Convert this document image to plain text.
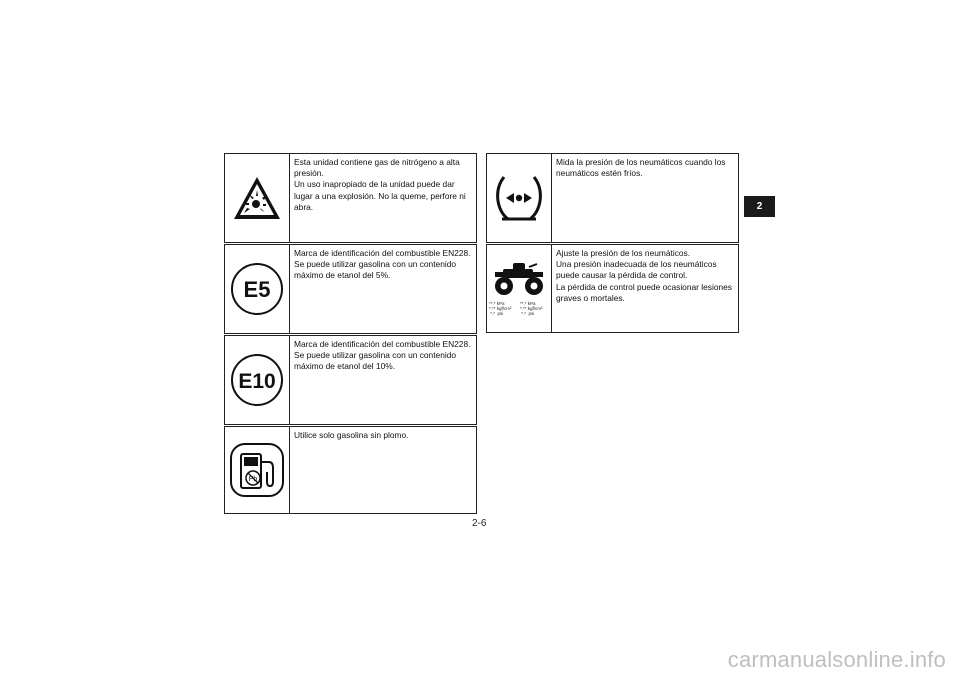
Esta unidad contiene gas de nitrógeno a alta presión.
Un uso inapropiado de la unidad puede dar lugar a una explosión. No la queme, perfore ni abra.
E5
Marca de identificación del combustible EN228.
Se puede utilizar gasolina con un contenido máximo de etanol del 5%.
E10
Marca de identificación del combustible EN228.
Se puede utilizar gasolina con un contenido máximo de etanol del 10%.
Pb
Utilice solo gasolina sin plomo.
Mida la presión de los neumáticos cuando los neumáticos estén fríos.
**.* kPa
*.** kgf/cm²
*.*  psi
**.* kPa
*.** kgf/cm²
*.*  psi
Ajuste la presión de los neumáticos.
Una presión inadecuada de los neumáticos puede causar la pérdida de control.
La pérdida de control puede ocasionar lesiones graves o mortales.
2
2-6
carmanualsonline.info
